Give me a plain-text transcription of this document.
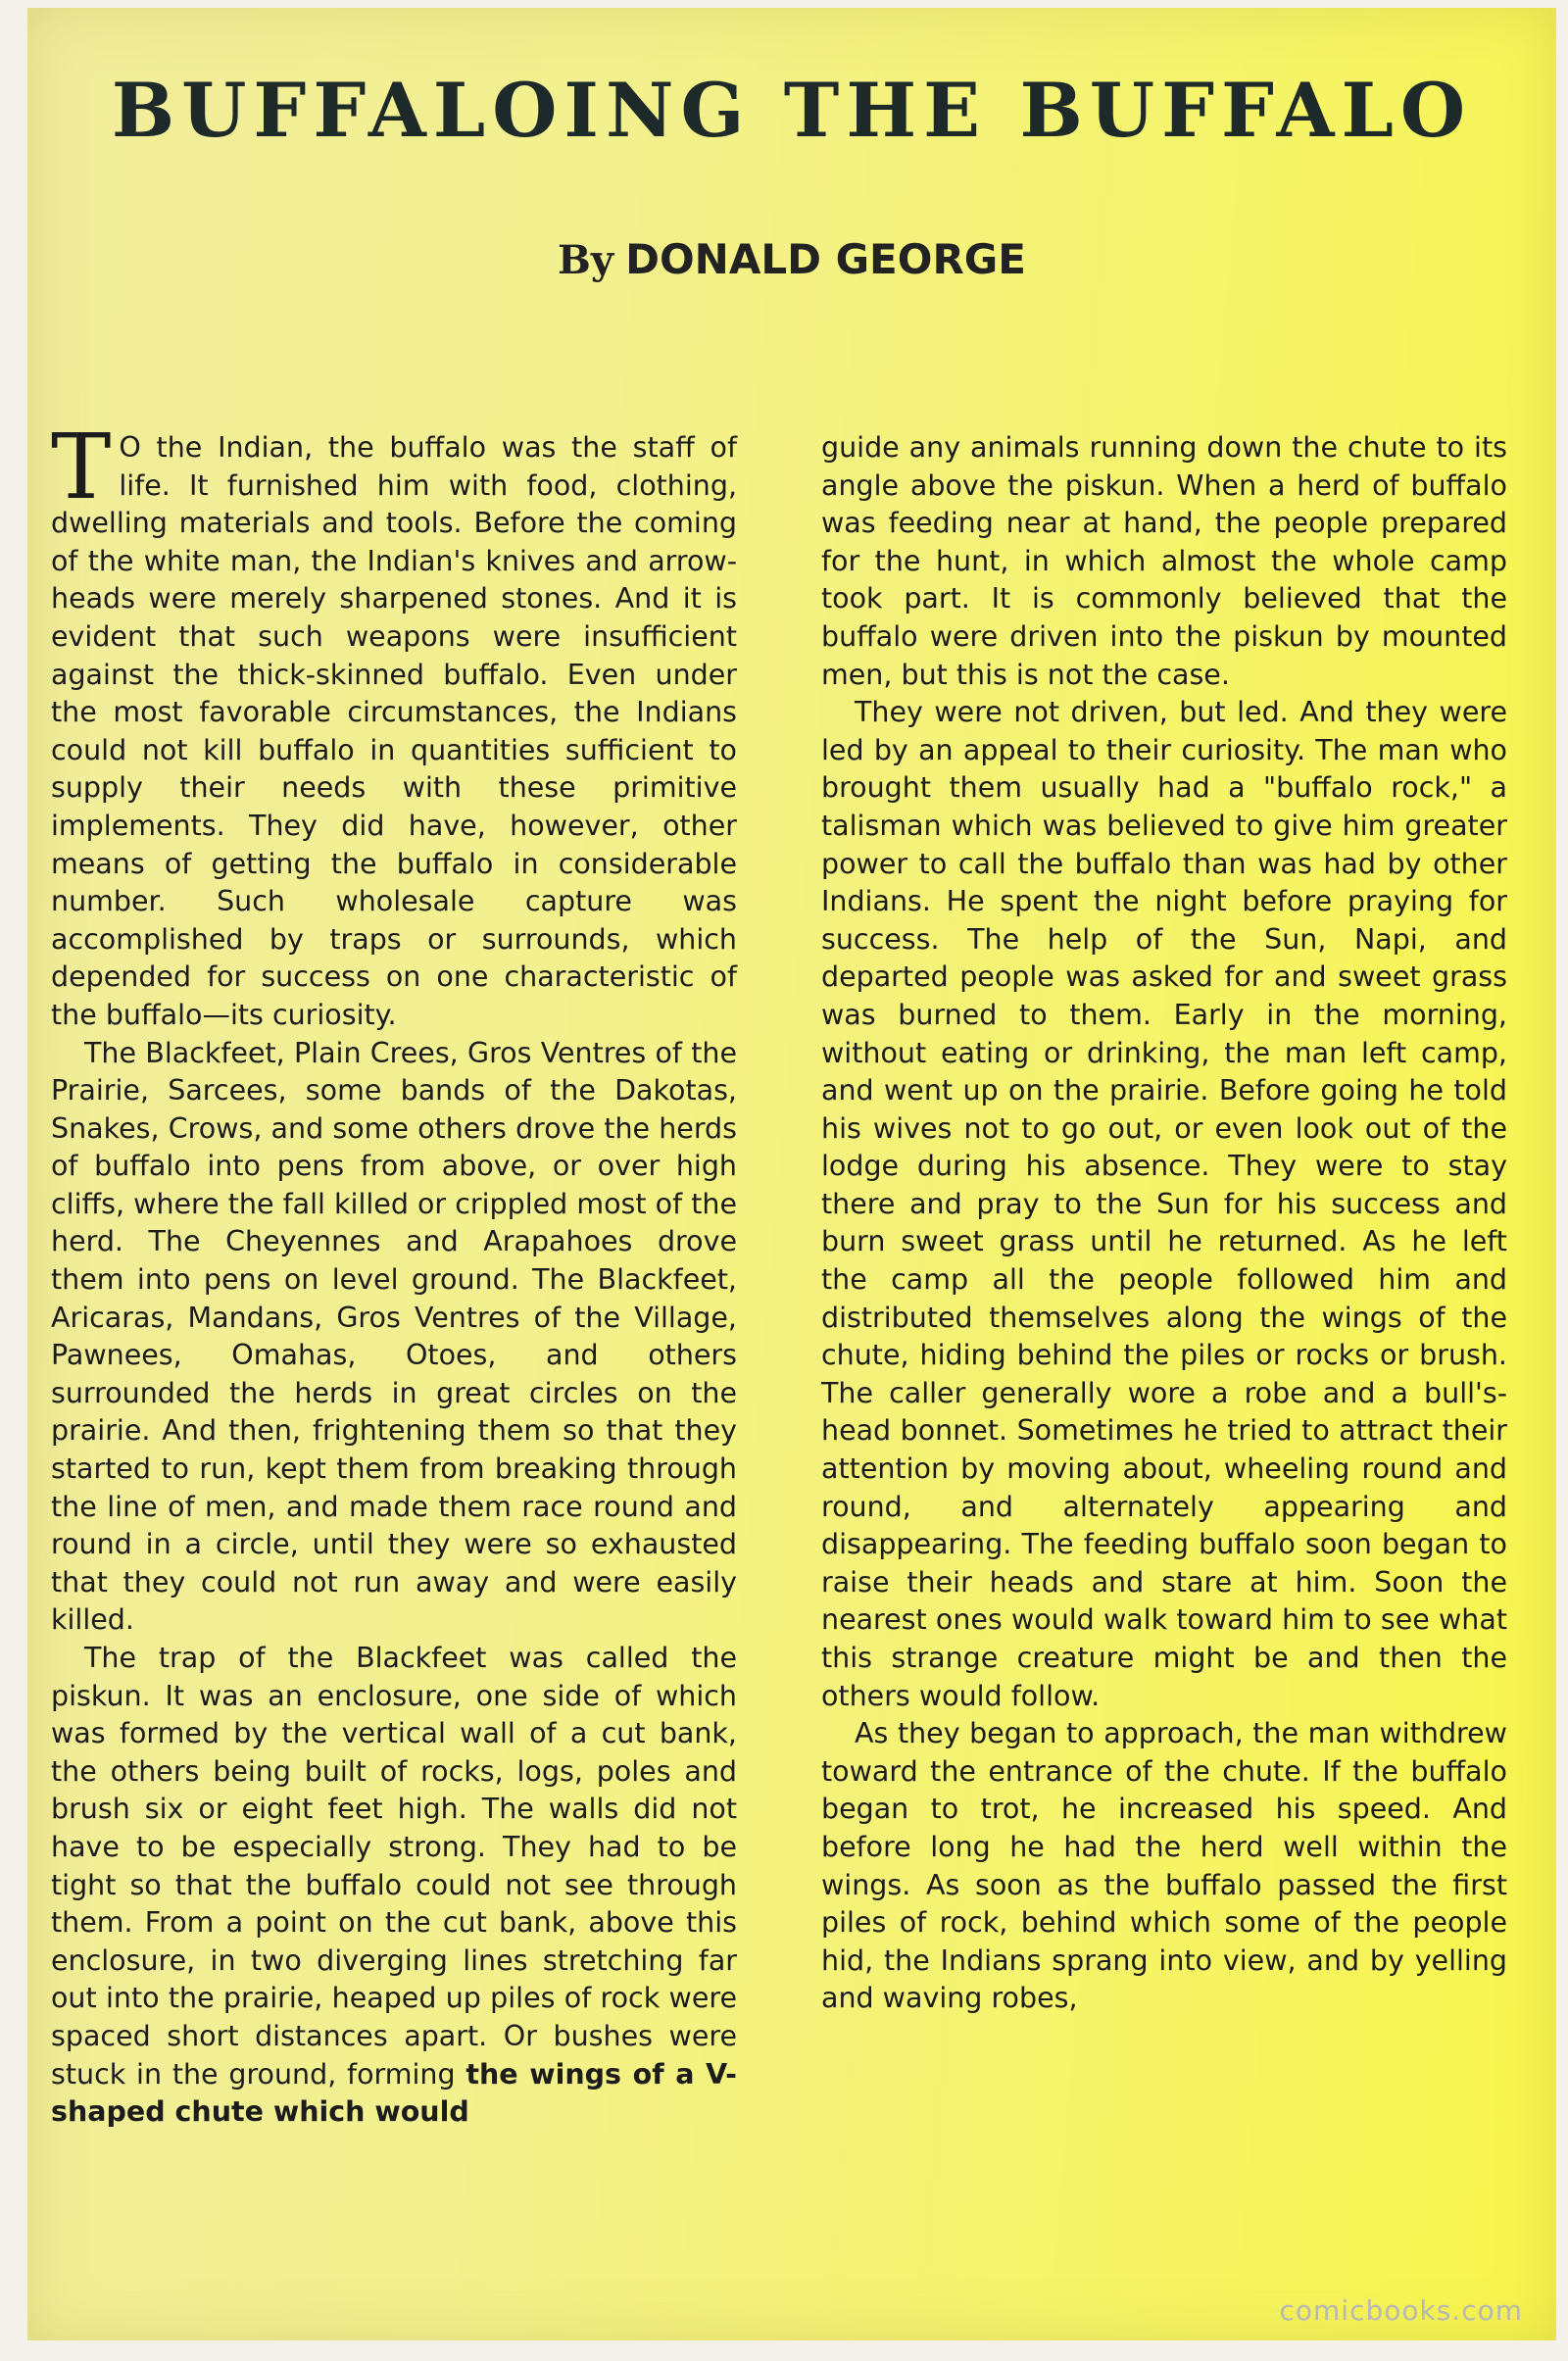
BUFFALOING THE BUFFALO
By DONALD GEORGE

T O the Indian, the buffalo was the staff of life. It furnished him with food, clothing, dwelling materials and tools. Before the coming of the white man, the Indian's knives and arrow-heads were merely sharpened stones. And it is evident that such weapons were insufficient against the thick-skinned buffalo. Even under the most favorable circumstances, the Indians could not kill buffalo in quantities sufficient to supply their needs with these primitive implements. They did have, however, other means of getting the buffalo in considerable number. Such wholesale capture was accomplished by traps or surrounds, which depended for success on one characteristic of the buffalo—its curiosity.

The Blackfeet, Plain Crees, Gros Ventres of the Prairie, Sarcees, some bands of the Dakotas, Snakes, Crows, and some others drove the herds of buffalo into pens from above, or over high cliffs, where the fall killed or crippled most of the herd. The Cheyennes and Arapahoes drove them into pens on level ground. The Blackfeet, Aricaras, Mandans, Gros Ventres of the Village, Pawnees, Omahas, Otoes, and others surrounded the herds in great circles on the prairie. And then, frightening them so that they started to run, kept them from breaking through the line of men, and made them race round and round in a circle, until they were so exhausted that they could not run away and were easily killed.

The trap of the Blackfeet was called the piskun. It was an enclosure, one side of which was formed by the vertical wall of a cut bank, the others being built of rocks, logs, poles and brush six or eight feet high. The walls did not have to be especially strong. They had to be tight so that the buffalo could not see through them. From a point on the cut bank, above this enclosure, in two diverging lines stretching far out into the prairie, heaped up piles of rock were spaced short distances apart. Or bushes were stuck in the ground, forming the wings of a V-shaped chute which would

guide any animals running down the chute to its angle above the piskun. When a herd of buffalo was feeding near at hand, the people prepared for the hunt, in which almost the whole camp took part. It is commonly believed that the buffalo were driven into the piskun by mounted men, but this is not the case.

They were not driven, but led. And they were led by an appeal to their curiosity. The man who brought them usually had a "buffalo rock," a talisman which was believed to give him greater power to call the buffalo than was had by other Indians. He spent the night before praying for success. The help of the Sun, Napi, and departed people was asked for and sweet grass was burned to them. Early in the morning, without eating or drinking, the man left camp, and went up on the prairie. Before going he told his wives not to go out, or even look out of the lodge during his absence. They were to stay there and pray to the Sun for his success and burn sweet grass until he returned. As he left the camp all the people followed him and distributed themselves along the wings of the chute, hiding behind the piles or rocks or brush. The caller generally wore a robe and a bull's-head bonnet. Sometimes he tried to attract their attention by moving about, wheeling round and round, and alternately appearing and disappearing. The feeding buffalo soon began to raise their heads and stare at him. Soon the nearest ones would walk toward him to see what this strange creature might be and then the others would follow.

As they began to approach, the man withdrew toward the entrance of the chute. If the buffalo began to trot, he increased his speed. And before long he had the herd well within the wings. As soon as the buffalo passed the first piles of rock, behind which some of the people hid, the Indians sprang into view, and by yelling and waving robes,

comicbooks.com
